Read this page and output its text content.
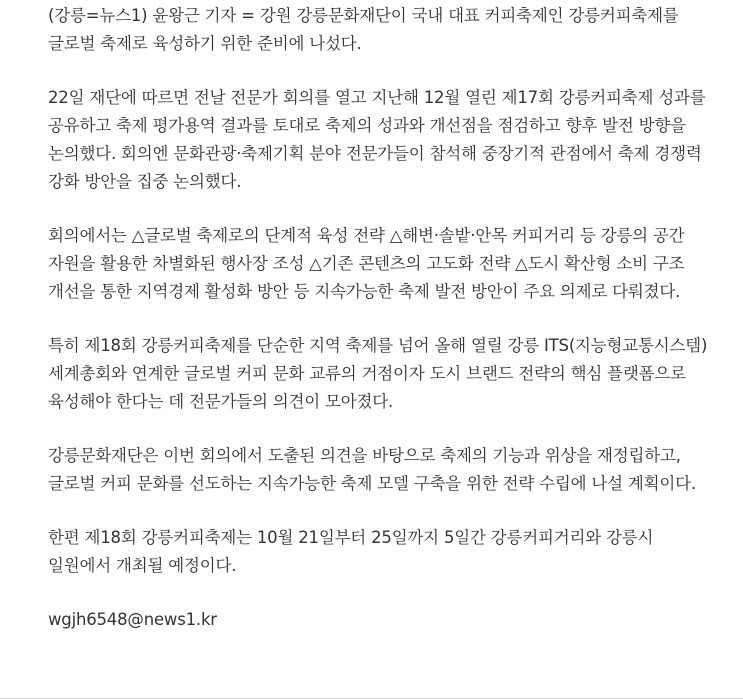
(강릉=뉴스1) 윤왕근 기자 = 강원 강릉문화재단이 국내 대표 커피축제인 강릉커피축제를 글로벌 축제로 육성하기 위한 준비에 나섰다.

22일 재단에 따르면 전날 전문가 회의를 열고 지난해 12월 열린 제17회 강릉커피축제 성과를 공유하고 축제 평가용역 결과를 토대로 축제의 성과와 개선점을 점검하고 향후 발전 방향을 논의했다. 회의엔 문화관광·축제기획 분야 전문가들이 참석해 중장기적 관점에서 축제 경쟁력 강화 방안을 집중 논의했다.

회의에서는 △글로벌 축제로의 단계적 육성 전략 △해변·솔밭·안목 커피거리 등 강릉의 공간 자원을 활용한 차별화된 행사장 조성 △기존 콘텐츠의 고도화 전략 △도시 확산형 소비 구조 개선을 통한 지역경제 활성화 방안 등 지속가능한 축제 발전 방안이 주요 의제로 다뤄졌다.

특히 제18회 강릉커피축제를 단순한 지역 축제를 넘어 올해 열릴 강릉 ITS(지능형교통시스템) 세계총회와 연계한 글로벌 커피 문화 교류의 거점이자 도시 브랜드 전략의 핵심 플랫폼으로 육성해야 한다는 데 전문가들의 의견이 모아졌다.

강릉문화재단은 이번 회의에서 도출된 의견을 바탕으로 축제의 기능과 위상을 재정립하고, 글로벌 커피 문화를 선도하는 지속가능한 축제 모델 구축을 위한 전략 수립에 나설 계획이다.

한편 제18회 강릉커피축제는 10월 21일부터 25일까지 5일간 강릉커피거리와 강릉시 일원에서 개최될 예정이다.

wgjh6548@news1.kr
